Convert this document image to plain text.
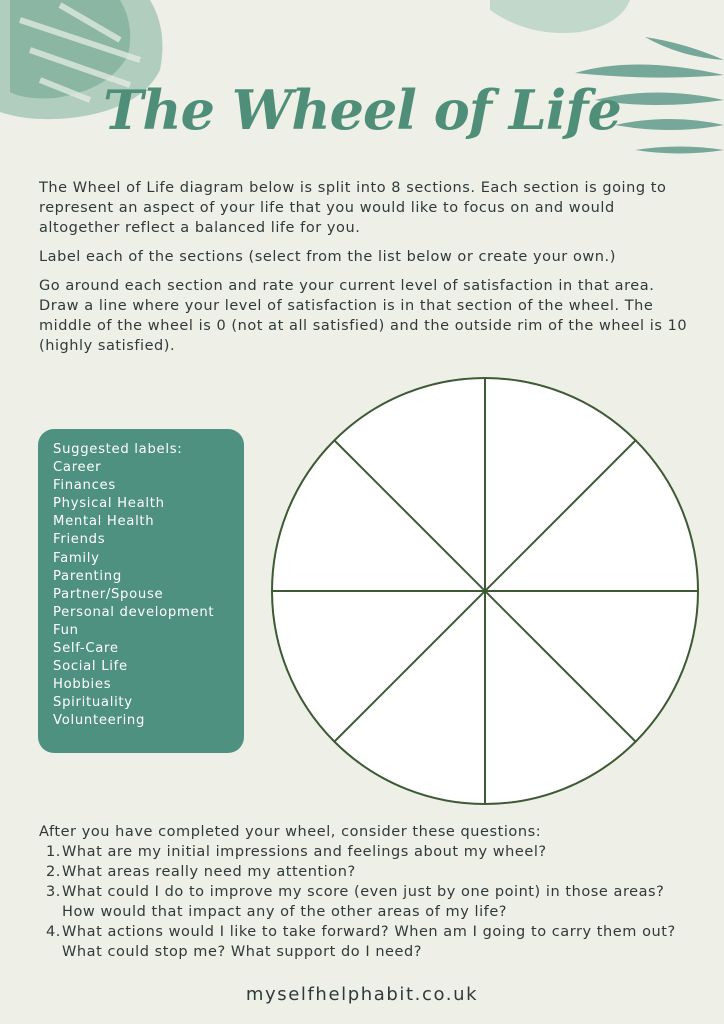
The Wheel of Life

The Wheel of Life diagram below is split into 8 sections. Each section is going to represent an aspect of your life that you would like to focus on and would altogether reflect a balanced life for you.

Label each of the sections (select from the list below or create your own.)

Go around each section and rate your current level of satisfaction in that area. Draw a line where your level of satisfaction is in that section of the wheel. The middle of the wheel is 0 (not at all satisfied) and the outside rim of the wheel is 10 (highly satisfied).

Suggested labels:
Career
Finances
Physical Health
Mental Health
Friends
Family
Parenting
Partner/Spouse
Personal development
Fun
Self-Care
Social Life
Hobbies
Spirituality
Volunteering
After you have completed your wheel, consider these questions:
1. What are my initial impressions and feelings about my wheel?
2. What areas really need my attention?
3. What could I do to improve my score (even just by one point) in those areas? How would that impact any of the other areas of my life?
4. What actions would I like to take forward? When am I going to carry them out? What could stop me? What support do I need?
myselfhelphabit.co.uk
